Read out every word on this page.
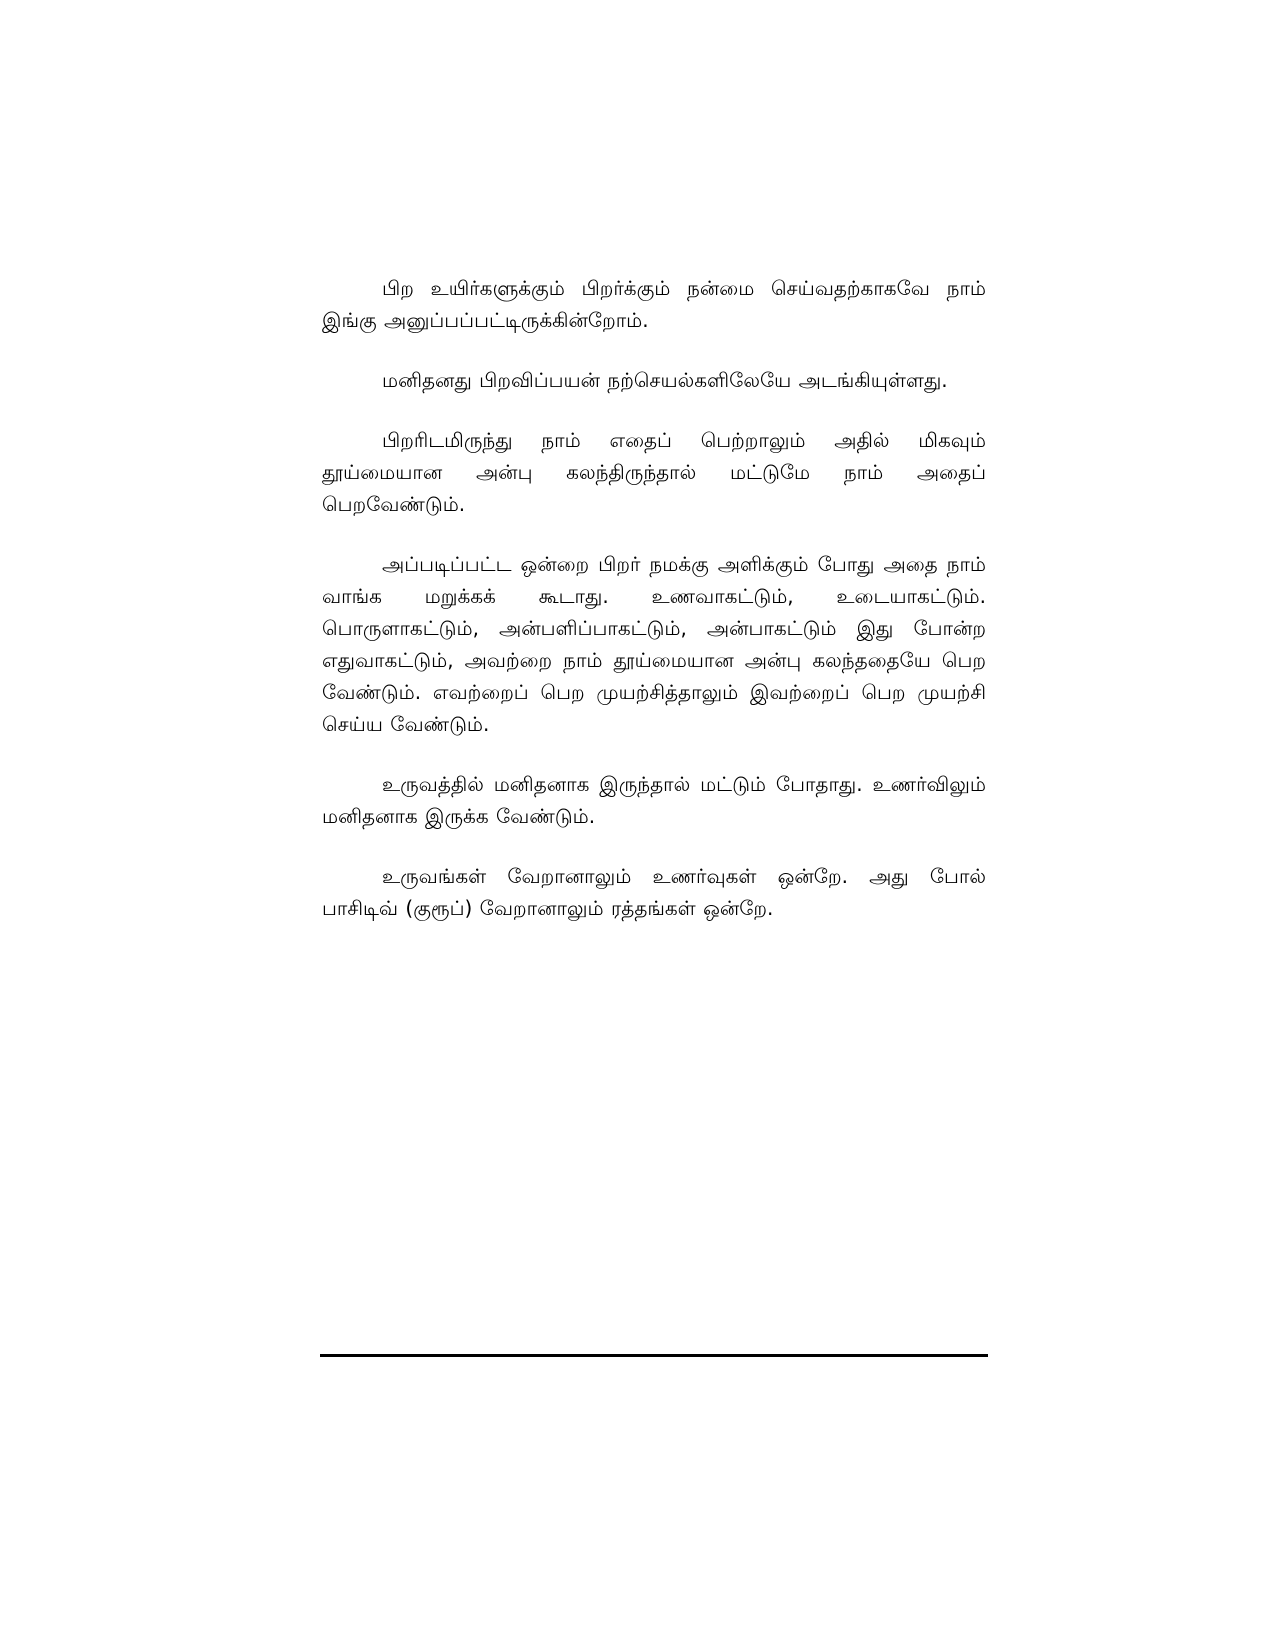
பிற உயிர்களுக்கும் பிறர்க்கும் நன்மை செய்வதற்காகவே நாம் இங்கு அனுப்பப்பட்டிருக்கின்றோம்.

மனிதனது பிறவிப்பயன் நற்செயல்களிலேயே அடங்கியுள்ளது.

பிறரிடமிருந்து நாம் எதைப் பெற்றாலும் அதில் மிகவும் தூய்மையான அன்பு கலந்திருந்தால் மட்டுமே நாம் அதைப் பெறவேண்டும்.

அப்படிப்பட்ட ஒன்றை பிறர் நமக்கு அளிக்கும் போது அதை நாம் வாங்க மறுக்கக் கூடாது. உணவாகட்டும், உடையாகட்டும். பொருளாகட்டும், அன்பளிப்பாகட்டும், அன்பாகட்டும் இது போன்ற எதுவாகட்டும், அவற்றை நாம் தூய்மையான அன்பு கலந்ததையே பெற வேண்டும். எவற்றைப் பெற முயற்சித்தாலும் இவற்றைப் பெற முயற்சி செய்ய வேண்டும்.

உருவத்தில் மனிதனாக இருந்தால் மட்டும் போதாது. உணர்விலும் மனிதனாக இருக்க வேண்டும்.

உருவங்கள் வேறானாலும் உணர்வுகள் ஒன்றே. அது போல் பாசிடிவ் (குரூப்) வேறானாலும் ரத்தங்கள் ஒன்றே.
